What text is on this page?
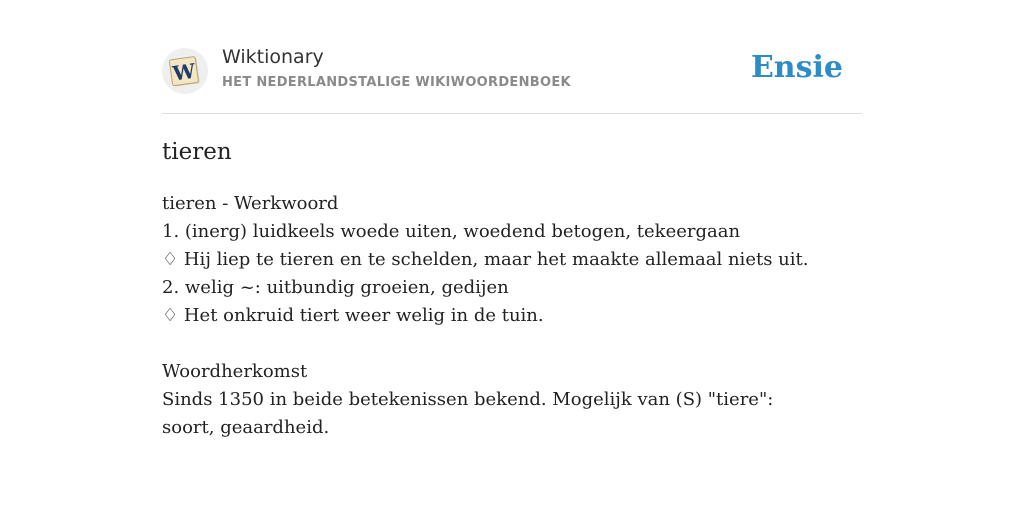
W
Wiktionary
HET NEDERLANDSTALIGE WIKIWOORDENBOEK	Ensie
tieren
tieren - Werkwoord
1. (inerg) luidkeels woede uiten, woedend betogen, tekeergaan
♢ Hij liep te tieren en te schelden, maar het maakte allemaal niets uit.
2. welig ~: uitbundig groeien, gedijen
♢ Het onkruid tiert weer welig in de tuin.
Woordherkomst
Sinds 1350 in beide betekenissen bekend. Mogelijk van (S) "tiere": soort, geaardheid.
